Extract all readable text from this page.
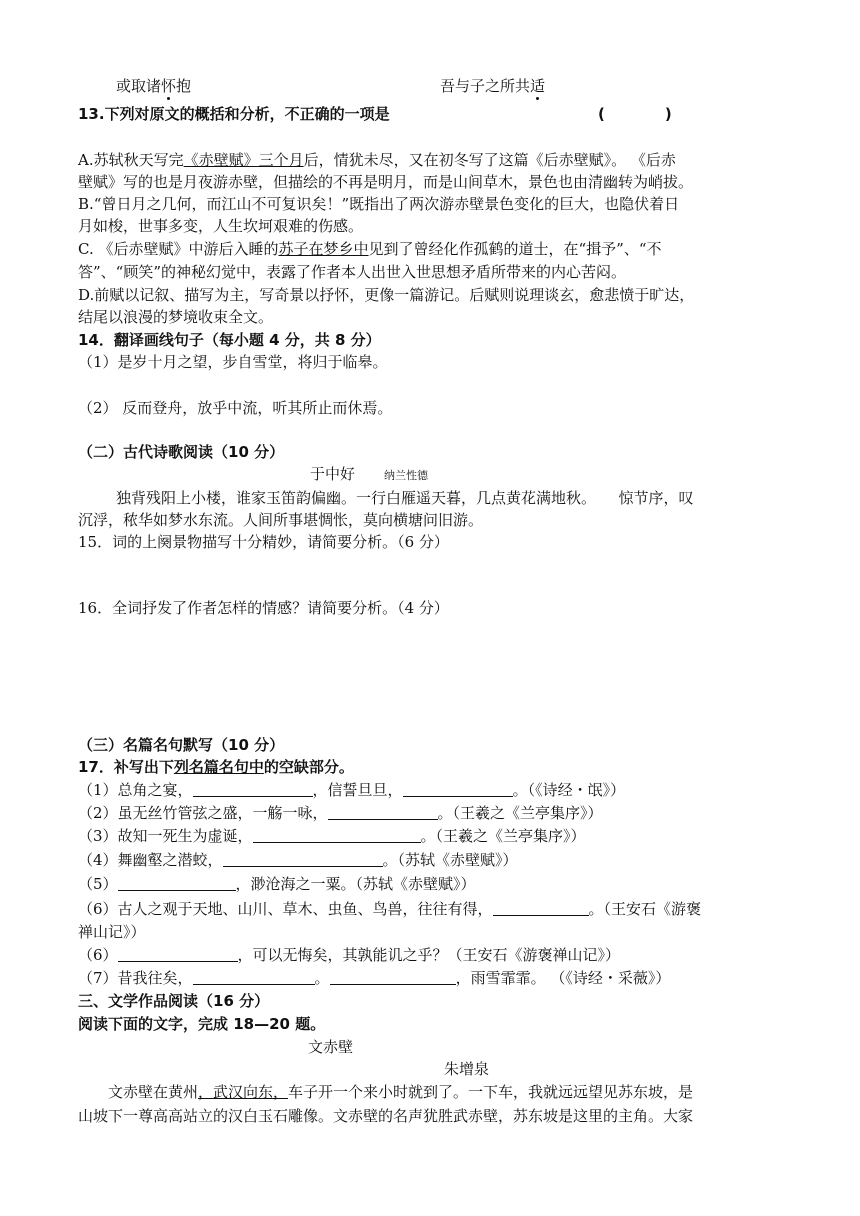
或取诸怀抱	吾与子之所共适
13.下列对原文的概括和分析，不正确的一项是	(　　　　)
A.苏轼秋天写完《赤壁赋》三个月后，情犹未尽，又在初冬写了这篇《后赤壁赋》。 《后赤
壁赋》写的也是月夜游赤壁，但描绘的不再是明月，而是山间草木，景色也由清幽转为峭拔。
B.“曾日月之几何，而江山不可复识矣！”既指出了两次游赤壁景色变化的巨大，也隐伏着日
月如梭，世事多变，人生坎坷艰难的伤感。
C. 《后赤壁赋》中游后入睡的苏子在梦乡中见到了曾经化作孤鹤的道士，在“揖予”、“不
答”、“顾笑”的神秘幻觉中，表露了作者本人出世入世思想矛盾所带来的内心苦闷。
D.前赋以记叙、描写为主，写奇景以抒怀，更像一篇游记。后赋则说理谈玄，愈悲愤于旷达，
结尾以浪漫的梦境收束全文。
14．翻译画线句子（每小题 4 分，共 8 分）
（1）是岁十月之望，步自雪堂，将归于临皋。
（2） 反而登舟，放乎中流，听其所止而休焉。
（二）古代诗歌阅读（10 分）
于中好	纳兰性德
独背残阳上小楼，谁家玉笛韵偏幽。一行白雁遥天暮，几点黄花满地秋。　　惊节序，叹
沉浮，秾华如梦水东流。人间所事堪惆怅，莫向横塘问旧游。
15．词的上阕景物描写十分精妙，请简要分析。（6 分）
16．全词抒发了作者怎样的情感？请简要分析。（4 分）
（三）名篇名句默写（10 分）
17．补写出下列名篇名句中的空缺部分。
（1）总角之宴，	，信誓旦旦，	。（《诗经・氓》）
（2）虽无丝竹管弦之盛，一觞一咏，	。（王羲之《兰亭集序》）
（3）故知一死生为虚诞，	。（王羲之《兰亭集序》）
（4）舞幽壑之潜蛟，	。（苏轼《赤壁赋》）
（5）	，渺沧海之一粟。（苏轼《赤壁赋》）
（6）古人之观于天地、山川、草木、虫鱼、鸟兽，往往有得，	。（王安石《游褒
禅山记》）
（6）	，可以无悔矣，其孰能讥之乎？（王安石《游褒禅山记》）
（7）昔我往矣，	。	，雨雪霏霏。 （《诗经・采薇》）
三、文学作品阅读（16 分）
阅读下面的文字，完成 18—20 题。
文赤壁
朱增泉
　　文赤壁在黄州，武汉向东，车子开一个来小时就到了。一下车，我就远远望见苏东坡，是
山坡下一尊高高站立的汉白玉石雕像。文赤壁的名声犹胜武赤壁，苏东坡是这里的主角。大家
